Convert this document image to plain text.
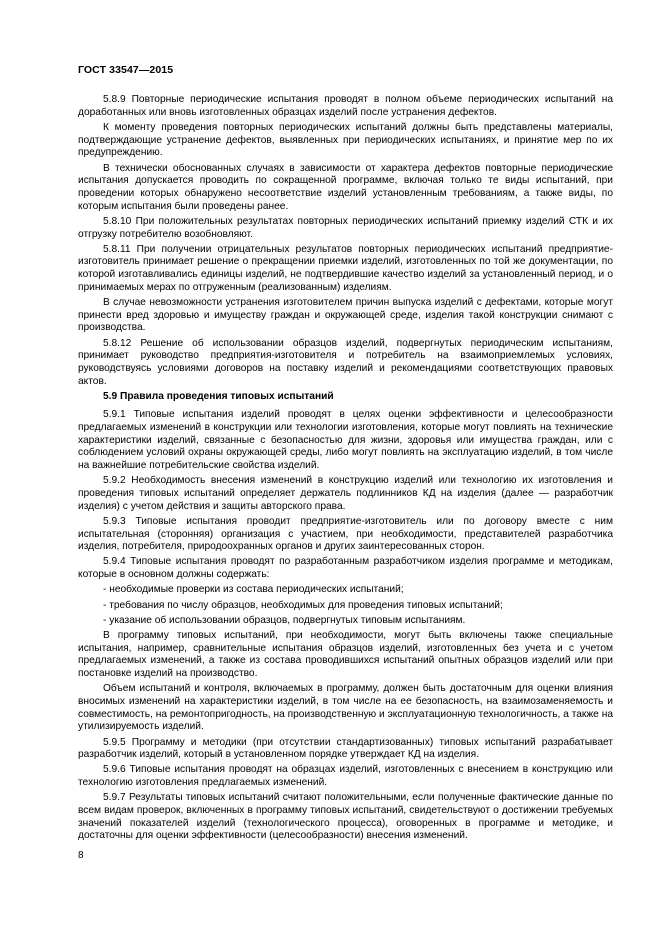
ГОСТ 33547—2015

5.8.9 Повторные периодические испытания проводят в полном объеме периодических испытаний на доработанных или вновь изготовленных образцах изделий после устранения дефектов.

К моменту проведения повторных периодических испытаний должны быть представлены материалы, подтверждающие устранение дефектов, выявленных при периодических испытаниях, и принятие мер по их предупреждению.

В технически обоснованных случаях в зависимости от характера дефектов повторные периодические испытания допускается проводить по сокращенной программе, включая только те виды испытаний, при проведении которых обнаружено несоответствие изделий установленным требованиям, а также виды, по которым испытания были проведены ранее.

5.8.10 При положительных результатах повторных периодических испытаний приемку изделий СТК и их отгрузку потребителю возобновляют.

5.8.11 При получении отрицательных результатов повторных периодических испытаний предприятие-изготовитель принимает решение о прекращении приемки изделий, изготовленных по той же документации, по которой изготавливались единицы изделий, не подтвердившие качество изделий за установленный период, и о принимаемых мерах по отгруженным (реализованным) изделиям.

В случае невозможности устранения изготовителем причин выпуска изделий с дефектами, которые могут принести вред здоровью и имуществу граждан и окружающей среде, изделия такой конструкции снимают с производства.

5.8.12 Решение об использовании образцов изделий, подвергнутых периодическим испытаниям, принимает руководство предприятия-изготовителя и потребитель на взаимоприемлемых условиях, руководствуясь условиями договоров на поставку изделий и рекомендациями соответствующих правовых актов.

5.9 Правила проведения типовых испытаний

5.9.1 Типовые испытания изделий проводят в целях оценки эффективности и целесообразности предлагаемых изменений в конструкции или технологии изготовления, которые могут повлиять на технические характеристики изделий, связанные с безопасностью для жизни, здоровья или имущества граждан, или с соблюдением условий охраны окружающей среды, либо могут повлиять на эксплуатацию изделий, в том числе на важнейшие потребительские свойства изделий.

5.9.2 Необходимость внесения изменений в конструкцию изделий или технологию их изготовления и проведения типовых испытаний определяет держатель подлинников КД на изделия (далее — разработчик изделия) с учетом действия и защиты авторского права.

5.9.3 Типовые испытания проводит предприятие-изготовитель или по договору вместе с ним испытательная (сторонняя) организация с участием, при необходимости, представителей разработчика изделия, потребителя, природоохранных органов и других заинтересованных сторон.

5.9.4 Типовые испытания проводят по разработанным разработчиком изделия программе и методикам, которые в основном должны содержать:

- необходимые проверки из состава периодических испытаний;

- требования по числу образцов, необходимых для проведения типовых испытаний;

- указание об использовании образцов, подвергнутых типовым испытаниям.

В программу типовых испытаний, при необходимости, могут быть включены также специальные испытания, например, сравнительные испытания образцов изделий, изготовленных без учета и с учетом предлагаемых изменений, а также из состава проводившихся испытаний опытных образцов изделий или при постановке изделий на производство.

Объем испытаний и контроля, включаемых в программу, должен быть достаточным для оценки влияния вносимых изменений на характеристики изделий, в том числе на ее безопасность, на взаимозаменяемость и совместимость, на ремонтопригодность, на производственную и эксплуатационную технологичность, а также на утилизируемость изделий.

5.9.5 Программу и методики (при отсутствии стандартизованных) типовых испытаний разрабатывает разработчик изделий, который в установленном порядке утверждает КД на изделия.

5.9.6 Типовые испытания проводят на образцах изделий, изготовленных с внесением в конструкцию или технологию изготовления предлагаемых изменений.

5.9.7 Результаты типовых испытаний считают положительными, если полученные фактические данные по всем видам проверок, включенных в программу типовых испытаний, свидетельствуют о достижении требуемых значений показателей изделий (технологического процесса), оговоренных в программе и методике, и достаточны для оценки эффективности (целесообразности) внесения изменений.

8
